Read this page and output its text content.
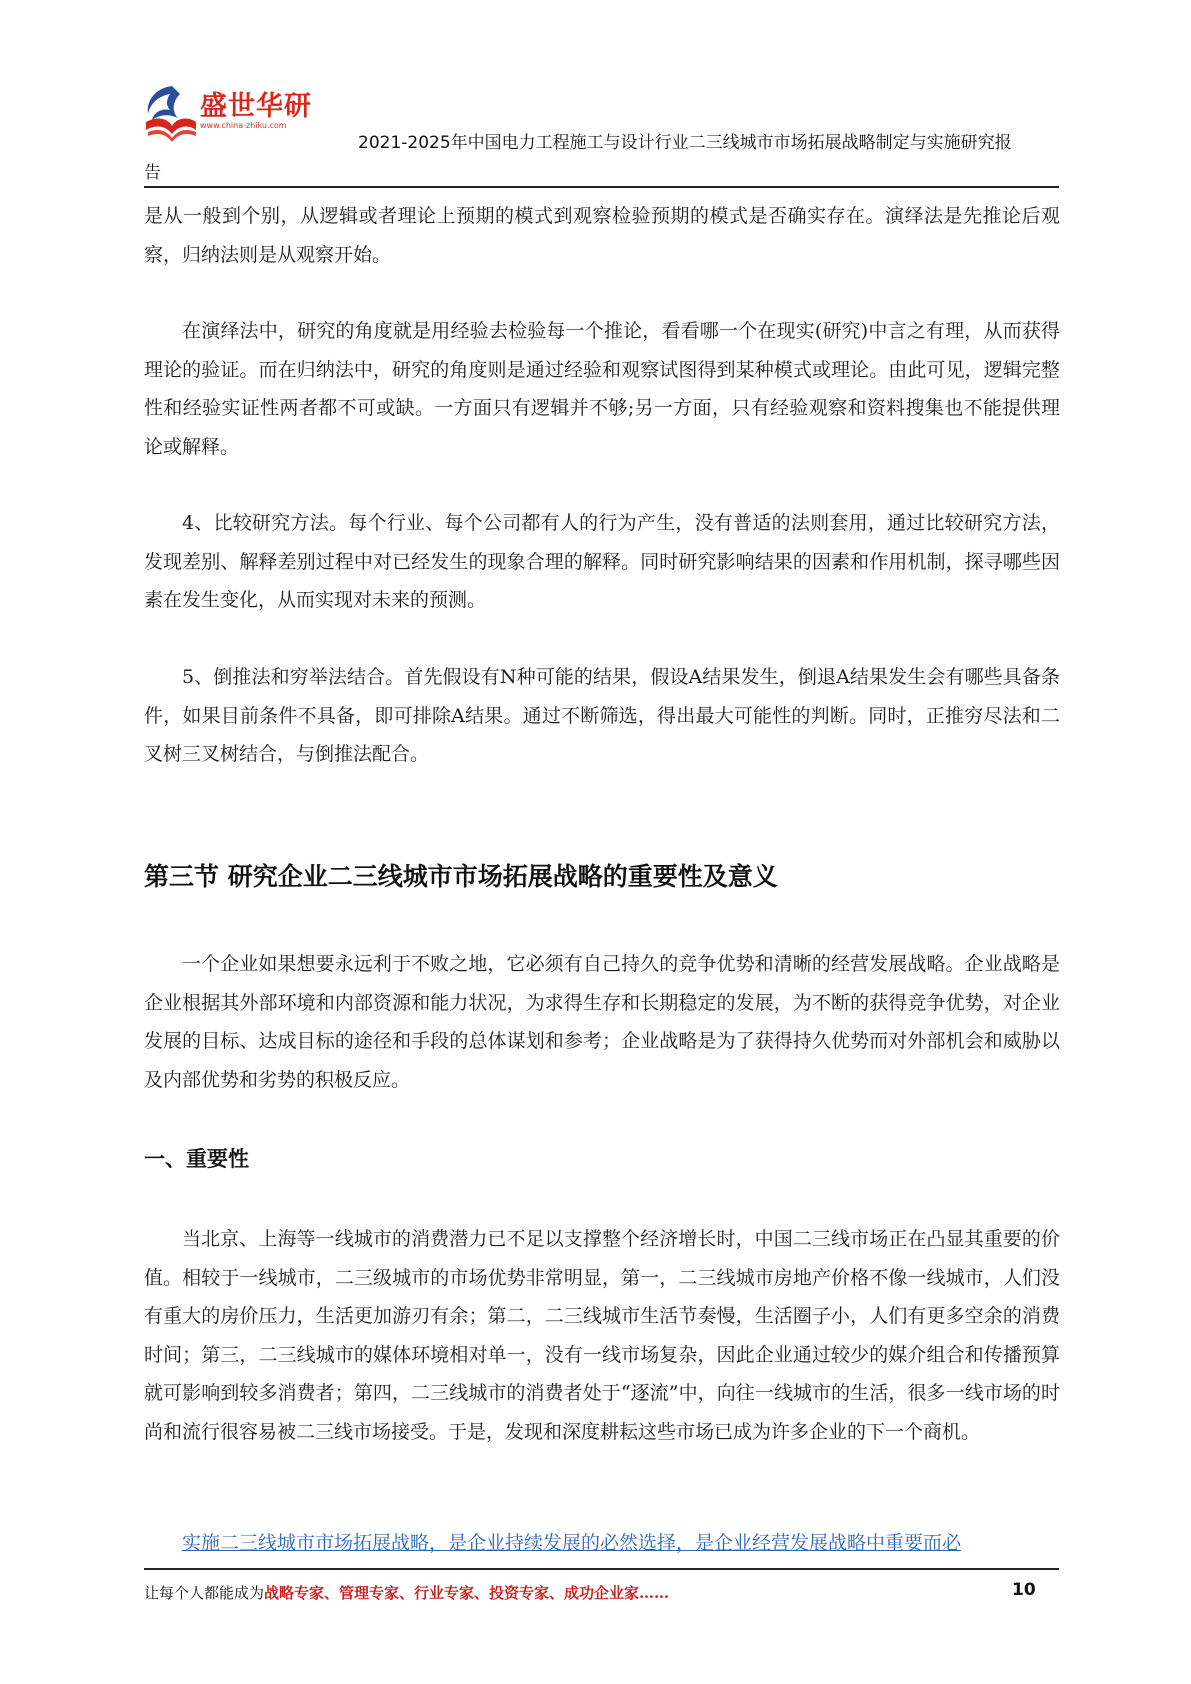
盛世华研
www.china-zhiku.com
2021-2025年中国电力工程施工与设计行业二三线城市市场拓展战略制定与实施研究报
告
是从一般到个别，从逻辑或者理论上预期的模式到观察检验预期的模式是否确实存在。演绎法是先推论后观察，归纳法则是从观察开始。
在演绎法中，研究的角度就是用经验去检验每一个推论，看看哪一个在现实(研究)中言之有理，从而获得理论的验证。而在归纳法中，研究的角度则是通过经验和观察试图得到某种模式或理论。由此可见，逻辑完整性和经验实证性两者都不可或缺。一方面只有逻辑并不够;另一方面，只有经验观察和资料搜集也不能提供理论或解释。
4、比较研究方法。每个行业、每个公司都有人的行为产生，没有普适的法则套用，通过比较研究方法，发现差别、解释差别过程中对已经发生的现象合理的解释。同时研究影响结果的因素和作用机制，探寻哪些因素在发生变化，从而实现对未来的预测。
5、倒推法和穷举法结合。首先假设有N种可能的结果，假设A结果发生，倒退A结果发生会有哪些具备条件，如果目前条件不具备，即可排除A结果。通过不断筛选，得出最大可能性的判断。同时，正推穷尽法和二叉树三叉树结合，与倒推法配合。
第三节 研究企业二三线城市市场拓展战略的重要性及意义
一个企业如果想要永远利于不败之地，它必须有自己持久的竞争优势和清晰的经营发展战略。企业战略是企业根据其外部环境和内部资源和能力状况，为求得生存和长期稳定的发展，为不断的获得竞争优势，对企业发展的目标、达成目标的途径和手段的总体谋划和参考；企业战略是为了获得持久优势而对外部机会和威胁以及内部优势和劣势的积极反应。
一、重要性
当北京、上海等一线城市的消费潜力已不足以支撑整个经济增长时，中国二三线市场正在凸显其重要的价值。相较于一线城市，二三级城市的市场优势非常明显，第一，二三线城市房地产价格不像一线城市，人们没有重大的房价压力，生活更加游刃有余；第二，二三线城市生活节奏慢，生活圈子小，人们有更多空余的消费时间；第三，二三线城市的媒体环境相对单一，没有一线市场复杂，因此企业通过较少的媒介组合和传播预算就可影响到较多消费者；第四，二三线城市的消费者处于“逐流”中，向往一线城市的生活，很多一线市场的时尚和流行很容易被二三线市场接受。于是，发现和深度耕耘这些市场已成为许多企业的下一个商机。
实施二三线城市市场拓展战略，是企业持续发展的必然选择，是企业经营发展战略中重要而必
让每个人都能成为战略专家、管理专家、行业专家、投资专家、成功企业家……	10
